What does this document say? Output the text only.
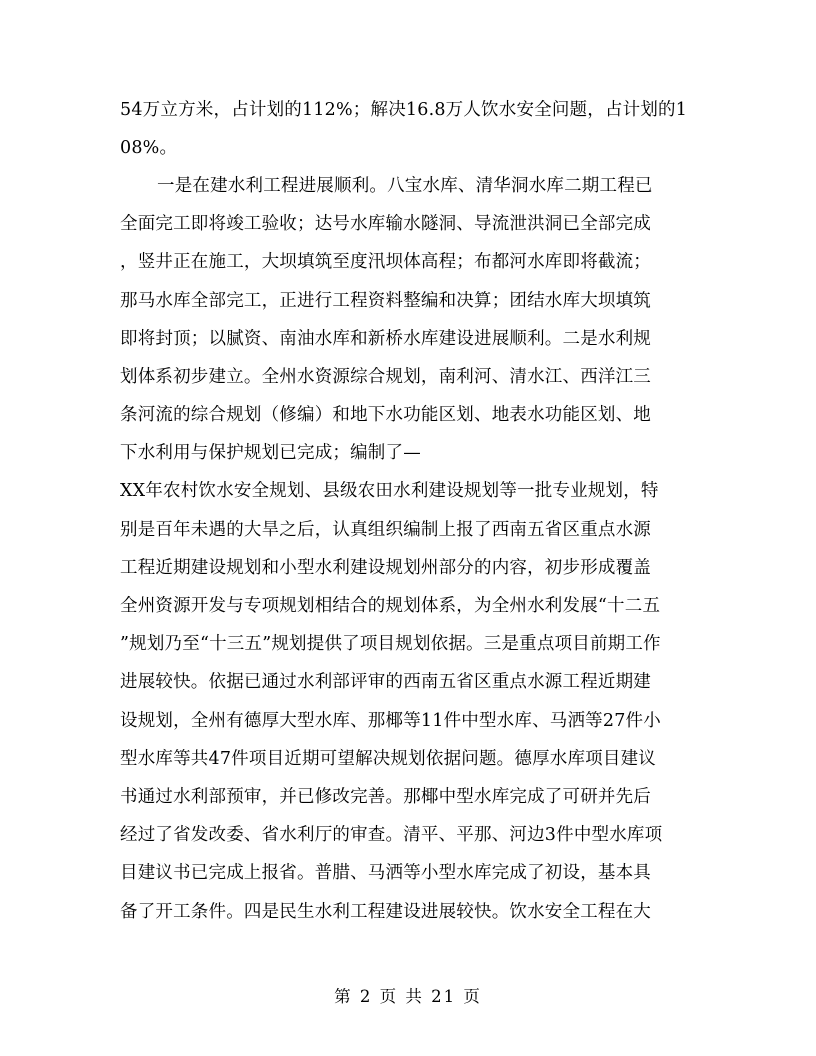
54万立方米，占计划的112%；解决16.8万人饮水安全问题，占计划的1
08%。
一是在建水利工程进展顺利。八宝水库、清华洞水库二期工程已
全面完工即将竣工验收；达号水库输水隧洞、导流泄洪洞已全部完成
，竖井正在施工，大坝填筑至度汛坝体高程；布都河水库即将截流；
那马水库全部完工，正进行工程资料整编和决算；团结水库大坝填筑
即将封顶；以腻资、南油水库和新桥水库建设进展顺利。二是水利规
划体系初步建立。全州水资源综合规划，南利河、清水江、西洋江三
条河流的综合规划（修编）和地下水功能区划、地表水功能区划、地
下水利用与保护规划已完成；编制了—
XX年农村饮水安全规划、县级农田水利建设规划等一批专业规划，特
别是百年未遇的大旱之后，认真组织编制上报了西南五省区重点水源
工程近期建设规划和小型水利建设规划州部分的内容，初步形成覆盖
全州资源开发与专项规划相结合的规划体系，为全州水利发展“十二五
”规划乃至“十三五”规划提供了项目规划依据。三是重点项目前期工作
进展较快。依据已通过水利部评审的西南五省区重点水源工程近期建
设规划，全州有德厚大型水库、那椰等11件中型水库、马洒等27件小
型水库等共47件项目近期可望解决规划依据问题。德厚水库项目建议
书通过水利部预审，并已修改完善。那椰中型水库完成了可研并先后
经过了省发改委、省水利厅的审查。清平、平那、河边3件中型水库项
目建议书已完成上报省。普腊、马洒等小型水库完成了初设，基本具
备了开工条件。四是民生水利工程建设进展较快。饮水安全工程在大
第 2 页 共 21 页
